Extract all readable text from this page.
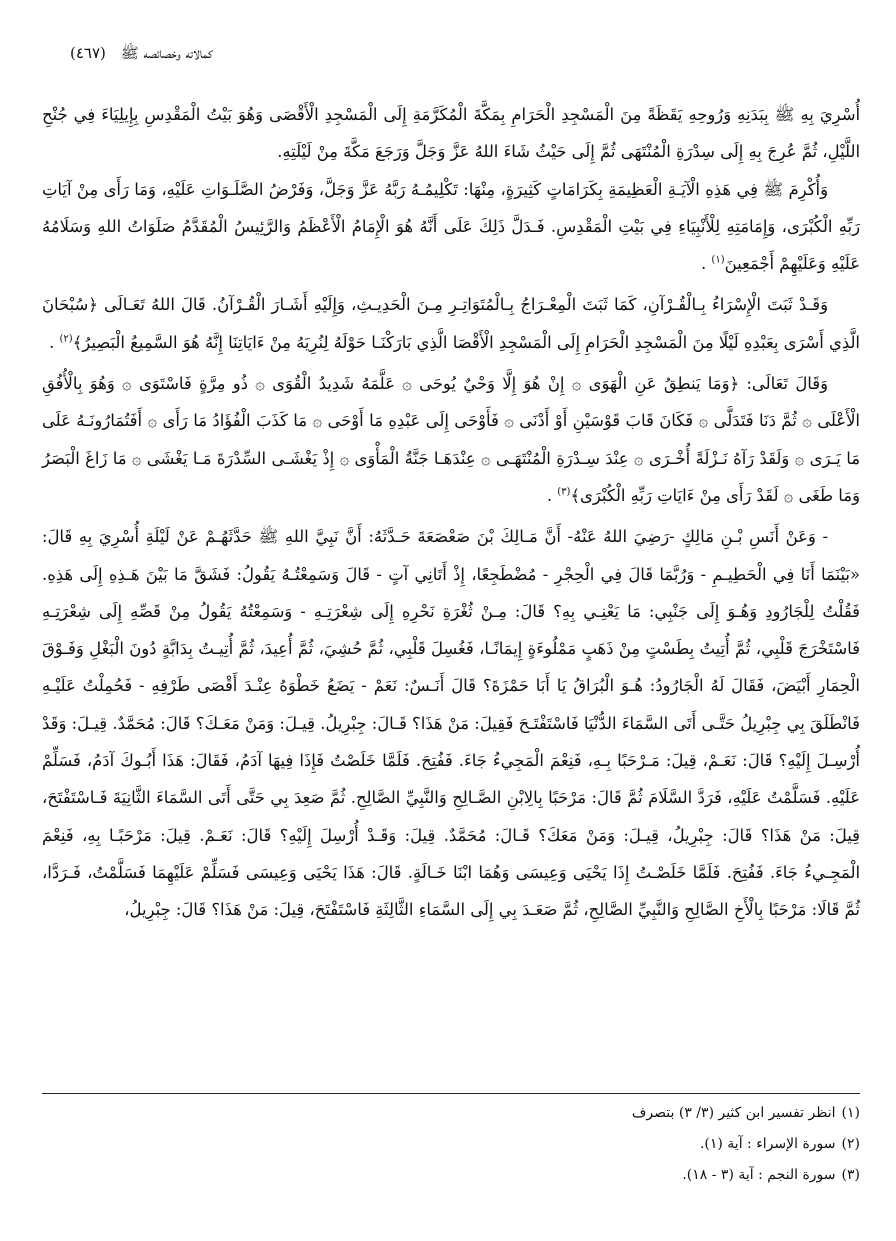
كمالاته وخصائصه ﷺ (٤٦٧)

أُسْرِيَ بِهِ ﷺ بِبَدَنِهِ وَرُوحِهِ يَقَظَةً مِنَ الْمَسْجِدِ الْحَرَامِ بِمَكَّةَ الْمُكَرَّمَةِ إِلَى الْمَسْجِدِ الْأَقْصَى وَهُوَ بَيْتُ الْمَقْدِسِ بِإِيلِيَاءَ فِي جُنْحِ اللَّيْلِ، ثُمَّ عُرِجَ بِهِ إِلَى سِدْرَةِ الْمُنْتَهَى ثُمَّ إِلَى حَيْثُ شَاءَ اللهُ عَزَّ وَجَلَّ وَرَجَعَ مَكَّةَ مِنْ لَيْلَتِهِ.

وَأُكْرِمَ ﷺ فِي هَذِهِ الْآيَـةِ الْعَظِيمَةِ بِكَرَامَاتٍ كَثِيرَةٍ، مِنْهَا: تَكْلِيمُـهُ رَبَّهُ عَزَّ وَجَلَّ، وَفَرْضُ الصَّلَـوَاتِ عَلَيْهِ، وَمَا رَأَى مِنْ آيَاتِ رَبِّهِ الْكُبْرَى، وَإِمَامَتِهِ لِلْأَنْبِيَاءِ فِي بَيْتِ الْمَقْدِسِ. فَـدَلَّ ذَلِكَ عَلَى أَنَّهُ هُوَ الْإِمَامُ الْأَعْظَمُ وَالرَّئِيسُ الْمُقَدَّمُ صَلَوَاتُ اللهِ وَسَلَامُهُ عَلَيْهِ وَعَلَيْهِمْ أَجْمَعِينَ$^{(١)}$ .

وَقَـدْ ثَبَتَ الْإِسْرَاءُ بِـالْقُـرْآنِ، كَمَا ثَبَتَ الْمِعْـرَاجُ بِـالْمُتَوَاتِـرِ مِـنَ الْحَدِيـثِ، وَإِلَيْهِ أَشَـارَ الْقُـرْآنُ. قَالَ اللهُ تَعَـالَى ﴿سُبْحَانَ الَّذِي أَسْرَى بِعَبْدِهِ لَيْلًا مِنَ الْمَسْجِدِ الْحَرَامِ إِلَى الْمَسْجِدِ الْأَقْصَا الَّذِي بَارَكْنَـا حَوْلَهُ لِنُرِيَهُ مِنْ ءَايَاتِنَا إِنَّهُ هُوَ السَّمِيعُ الْبَصِيرُ﴾$^{(٢)}$ .

وَقَالَ تَعَالَى: ﴿وَمَا يَنطِقُ عَنِ الْهَوَى ۞ إِنْ هُوَ إِلَّا وَحْيٌ يُوحَى ۞ عَلَّمَهُ شَدِيدُ الْقُوَى ۞ ذُو مِرَّةٍ فَاسْتَوَى ۞ وَهُوَ بِالْأُفُقِ الْأَعْلَى ۞ ثُمَّ دَنَا فَتَدَلَّى ۞ فَكَانَ قَابَ قَوْسَيْنِ أَوْ أَدْنَى ۞ فَأَوْحَى إِلَى عَبْدِهِ مَا أَوْحَى ۞ مَا كَذَبَ الْفُؤَادُ مَا رَأَى ۞ أَفَتُمَارُونَـهُ عَلَى مَا يَـرَى ۞ وَلَقَدْ رَآهُ نَـزْلَةً أُخْـرَى ۞ عِنْدَ سِـدْرَةِ الْمُنْتَهَـى ۞ عِنْدَهَـا جَنَّةُ الْمَأْوَى ۞ إِذْ يَغْشَـى السِّدْرَةَ مَـا يَغْشَى ۞ مَا زَاغَ الْبَصَرُ وَمَا طَغَى ۞ لَقَدْ رَأَى مِنْ ءَايَاتِ رَبِّهِ الْكُبْرَى﴾$^{(٣)}$ .

- وَعَنْ أَنَسِ بْـنِ مَالِكٍ -رَضِيَ اللهُ عَنْهُ- أَنَّ مَـالِكَ بْنَ صَعْصَعَةَ حَـدَّثَهُ: أَنَّ نَبِيَّ اللهِ ﷺ حَدَّثَهُـمْ عَنْ لَيْلَةِ أُسْرِيَ بِهِ قَالَ: «بَيْنَمَا أَنَا فِي الْحَطِيـمِ - وَرُبَّمَا قَالَ فِي الْحِجْرِ - مُضْطَجِعًا، إِذْ أَتَانِي آتٍ - قَالَ وَسَمِعْتُـهُ يَقُولُ: فَشَقَّ مَا بَيْنَ هَـذِهِ إِلَى هَذِهِ. فَقُلْتُ لِلْجَارُودِ وَهُـوَ إِلَى جَنْبِي: مَا يَعْنِـي بِهِ؟ قَالَ: مِـنْ ثُغْرَةِ نَحْرِهِ إِلَى شِعْرَتِـهِ - وَسَمِعْتُهُ يَقُولُ مِنْ قَصِّهِ إِلَى شِعْرَتِـهِ فَاسْتَخْرَجَ قَلْبِي، ثُمَّ أُتِيتُ بِطَسْتٍ مِنْ ذَهَبٍ مَمْلُوءَةٍ إِيمَانًـا، فَغُسِلَ قَلْبِي، ثُمَّ حُشِيَ، ثُمَّ أُعِيدَ، ثُمَّ أُتِيـتُ بِدَابَّةٍ دُونَ الْبَغْلِ وَفَـوْقَ الْحِمَارِ أَبْيَضَ، فَقَالَ لَهُ الْجَارُودُ: هُـوَ الْبُرَاقُ يَا أَبَا حَمْزَةَ؟ قَالَ أَنَـسٌ: نَعَمْ - يَضَعُ خَطْوَهُ عِنْـدَ أَقْصَى طَرْفِهِ - فَحُمِلْتُ عَلَيْـهِ فَانْطَلَقَ بِي جِبْرِيلُ حَتَّـى أَتَى السَّمَاءَ الدُّنْيَا فَاسْتَفْتَـحَ فَقِيلَ: مَنْ هَذَا؟ قَـالَ: جِبْرِيلُ. قِيـلَ: وَمَنْ مَعَـكَ؟ قَالَ: مُحَمَّدٌ. قِيـلَ: وَقَدْ أُرْسِـلَ إِلَيْهِ؟ قَالَ: نَعَـمْ، قِيلَ: مَـرْحَبًا بِـهِ، فَنِعْمَ الْمَجِيءُ جَاءَ. فَفُتِحَ. فَلَمَّا خَلَصْتُ فَإِذَا فِيهَا آدَمُ، فَقَالَ: هَذَا أَبُـوكَ آدَمُ، فَسَلِّمْ عَلَيْهِ. فَسَلَّمْتُ عَلَيْهِ، فَرَدَّ السَّلَامَ ثُمَّ قَالَ: مَرْحَبًا بِالِابْنِ الصَّـالِحِ وَالنَّبِيِّ الصَّالِحِ. ثُمَّ صَعِدَ بِي حَتَّى أَتَى السَّمَاءَ الثَّانِيَةَ فَـاسْتَفْتَحَ، قِيلَ: مَنْ هَذَا؟ قَالَ: جِبْرِيلُ، قِيـلَ: وَمَنْ مَعَكَ؟ قَـالَ: مُحَمَّدٌ. قِيلَ: وَقَـدْ أُرْسِلَ إِلَيْهِ؟ قَالَ: نَعَـمْ. قِيلَ: مَرْحَبًـا بِهِ، فَنِعْمَ الْمَجِـيءُ جَاءَ. فَفُتِحَ. فَلَمَّا خَلَصْـتُ إِذَا يَحْيَى وَعِيسَى وَهُمَا ابْنَا خَـالَةٍ. قَالَ: هَذَا يَحْيَى وَعِيسَى فَسَلِّمْ عَلَيْهِمَا فَسَلَّمْتُ، فَـرَدَّا، ثُمَّ قَالَا: مَرْحَبًا بِالْأَخِ الصَّالِحِ وَالنَّبِيِّ الصَّالِحِ، ثُمَّ صَعَـدَ بِي إِلَى السَّمَاءِ الثَّالِثَةِ فَاسْتَفْتَحَ، قِيلَ: مَنْ هَذَا؟ قَالَ: جِبْرِيلُ،

(١)انظر تفسير ابن كثير (٣/ ٣) بتصرف
(٢)سورة الإسراء : آية (١).
(٣)سورة النجم : آية (٣ - ١٨).
